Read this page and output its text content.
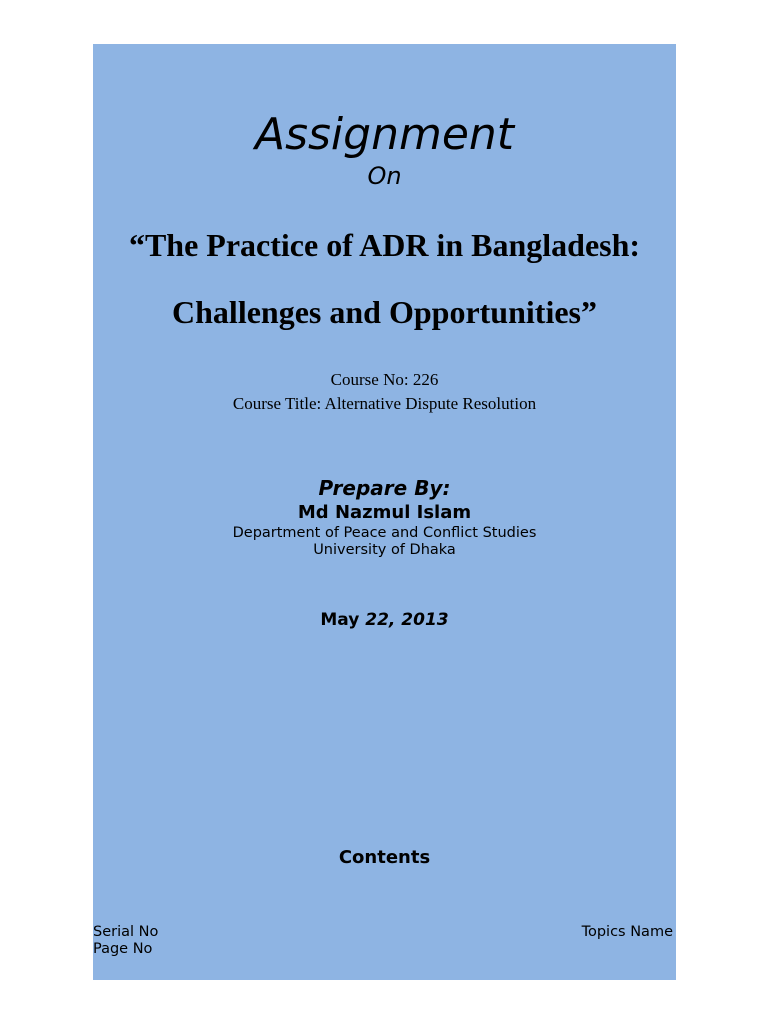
Assignment
On
“The Practice of ADR in Bangladesh:
Challenges and Opportunities”
Course No: 226
Course Title: Alternative Dispute Resolution
Prepare By:
Md Nazmul Islam
Department of Peace and Conflict Studies
University of Dhaka
May 22, 2013
Contents
Serial No	Topics Name
Page No
